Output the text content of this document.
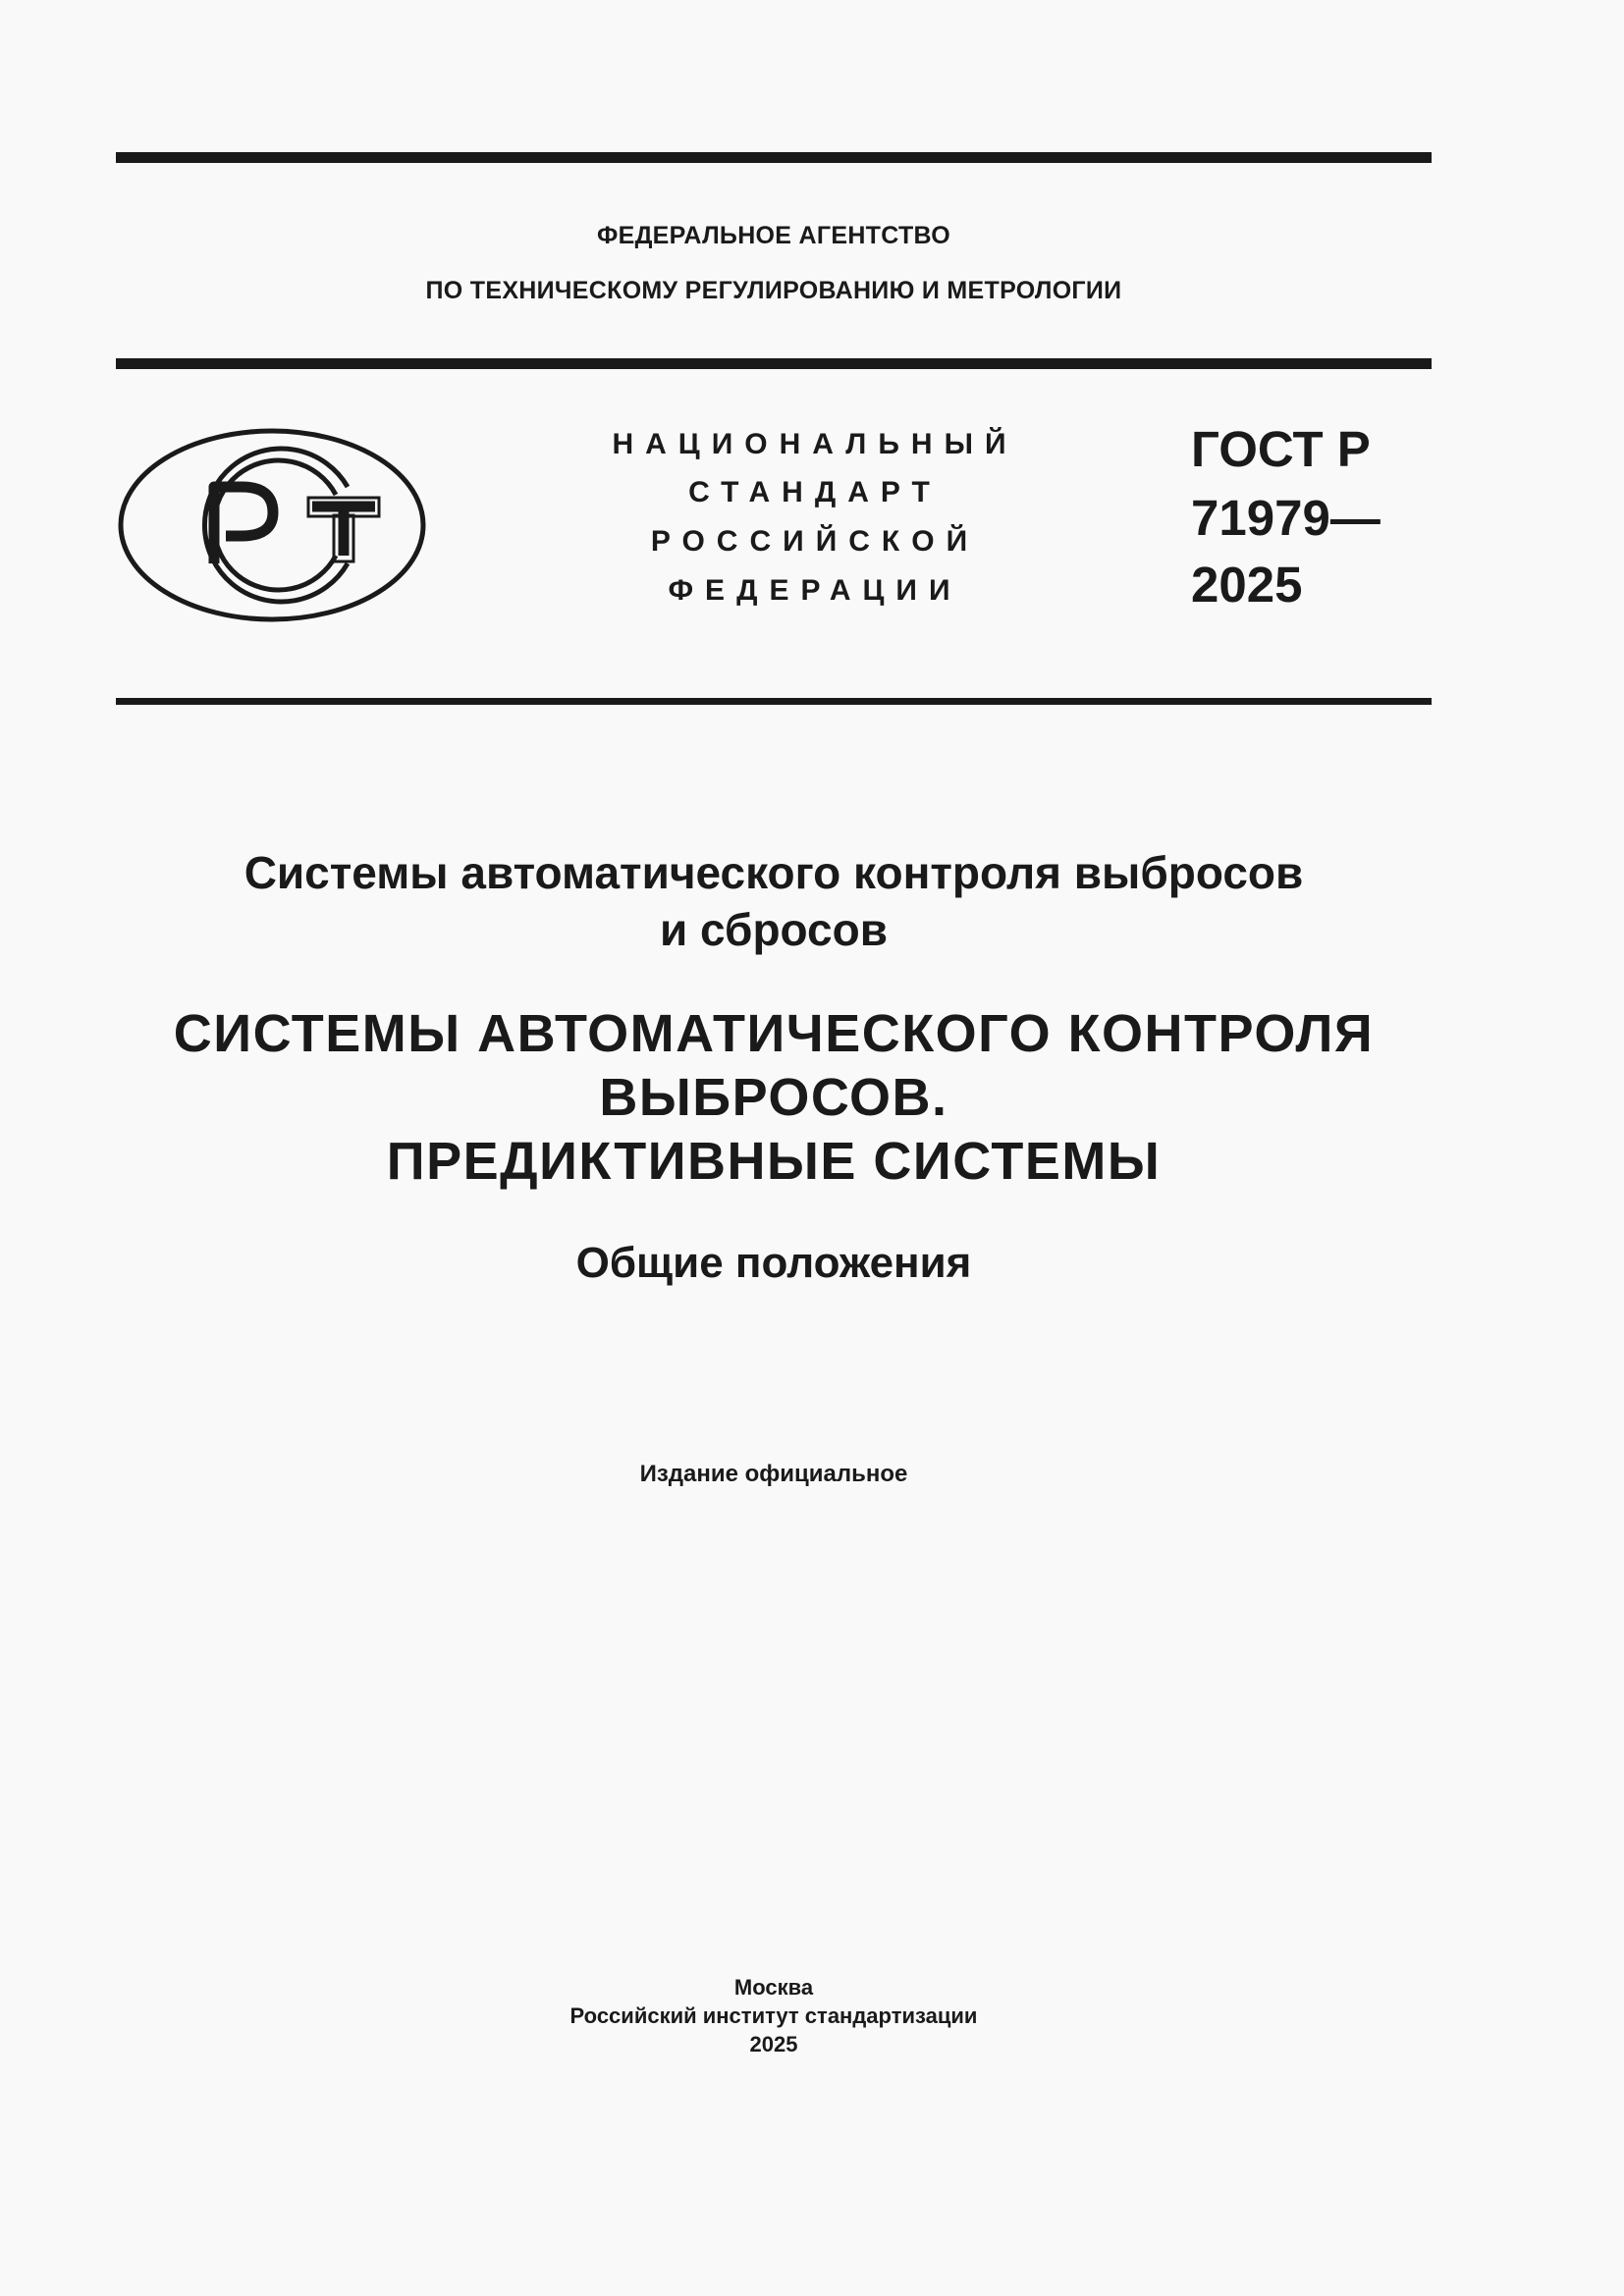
ФЕДЕРАЛЬНОЕ АГЕНТСТВО
ПО ТЕХНИЧЕСКОМУ РЕГУЛИРОВАНИЮ И МЕТРОЛОГИИ
НАЦИОНАЛЬНЫЙ
СТАНДАРТ
РОССИЙСКОЙ
ФЕДЕРАЦИИ
ГОСТ Р
71979—
2025
Системы автоматического контроля выбросов
и сбросов
СИСТЕМЫ АВТОМАТИЧЕСКОГО КОНТРОЛЯ
ВЫБРОСОВ.
ПРЕДИКТИВНЫЕ СИСТЕМЫ
Общие положения
Издание официальное
Москва
Российский институт стандартизации
2025
